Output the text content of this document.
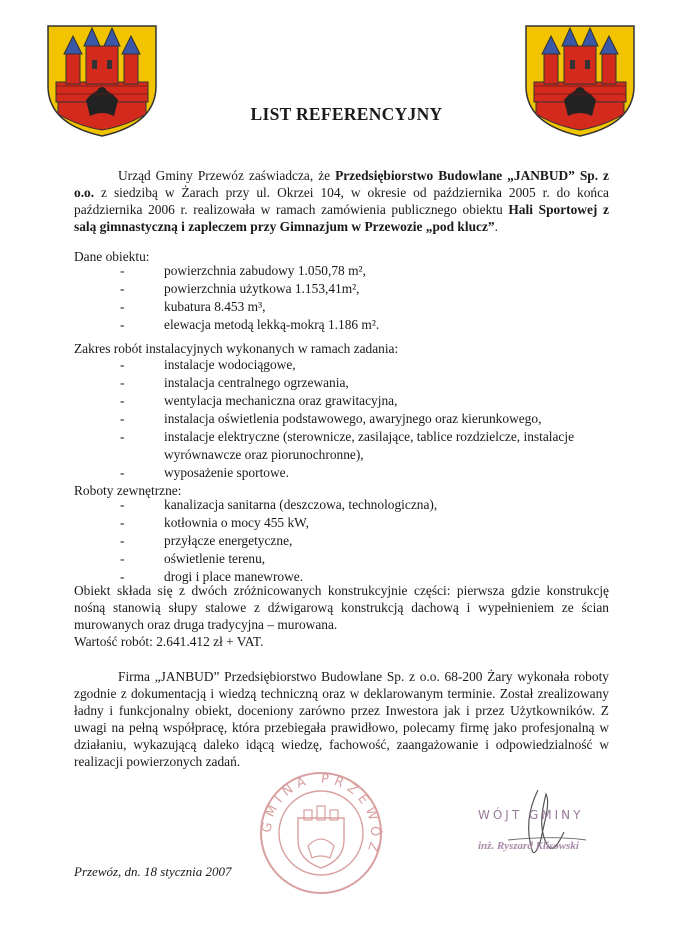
LIST REFERENCYJNY
Urząd Gminy Przewóz zaświadcza, że Przedsiębiorstwo Budowlane „JANBUD” Sp. z o.o. z siedzibą w Żarach przy ul. Okrzei 104, w okresie od października 2005 r. do końca października 2006 r. realizowała w ramach zamówienia publicznego obiektu Hali Sportowej z salą gimnastyczną i zapleczem przy Gimnazjum w Przewozie „pod klucz”.
Dane obiektu:
-	powierzchnia zabudowy 1.050,78 m²,
-	powierzchnia użytkowa 1.153,41m²,
-	kubatura 8.453 m³,
-	elewacja metodą lekką-mokrą 1.186 m².
Zakres robót instalacyjnych wykonanych w ramach zadania:
-	instalacje wodociągowe,
-	instalacja centralnego ogrzewania,
-	wentylacja mechaniczna oraz grawitacyjna,
-	instalacja oświetlenia podstawowego, awaryjnego oraz kierunkowego,
-	instalacje elektryczne (sterownicze, zasilające, tablice rozdzielcze, instalacje wyrównawcze oraz piorunochronne),
-	wyposażenie sportowe.
Roboty zewnętrzne:
-	kanalizacja sanitarna (deszczowa, technologiczna),
-	kotłownia o mocy 455 kW,
-	przyłącze energetyczne,
-	oświetlenie terenu,
-	drogi i place manewrowe.
Obiekt składa się z dwóch zróżnicowanych konstrukcyjnie części: pierwsza gdzie konstrukcję nośną stanowią słupy stalowe z dźwigarową konstrukcją dachową i wypełnieniem ze ścian murowanych oraz druga tradycyjna – murowana.
Wartość robót: 2.641.412 zł + VAT.
Firma „JANBUD” Przedsiębiorstwo Budowlane Sp. z o.o. 68-200 Żary wykonała roboty zgodnie z dokumentacją i wiedzą techniczną oraz w deklarowanym terminie. Został zrealizowany ładny i funkcjonalny obiekt, doceniony zarówno przez Inwestora jak i przez Użytkowników. Z uwagi na pełną współpracę, która przebiegała prawidłowo, polecamy firmę jako profesjonalną w działaniu, wykazującą daleko idącą wiedzę, fachowość, zaangażowanie i odpowiedzialność w realizacji powierzonych zadań.
GMINA PRZEWÓZ
WÓJT GMINY
inż. Ryszard Klisowski
Przewóz, dn. 18 stycznia 2007
